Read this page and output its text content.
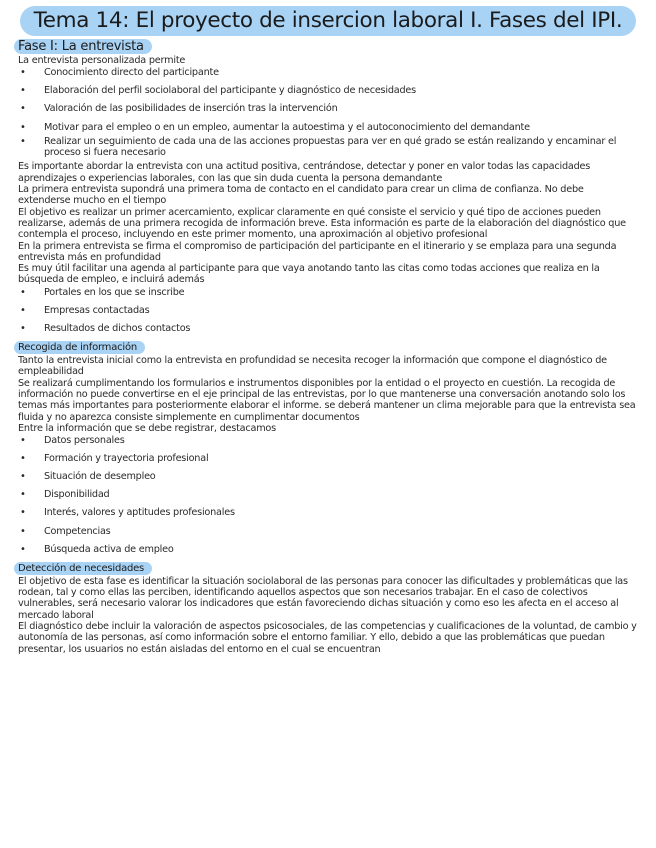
Tema 14: El proyecto de insercion laboral I. Fases del IPI.
Fase I: La entrevista

La entrevista personalizada permite

• Conocimiento directo del participante
• Elaboración del perfil sociolaboral del participante y diagnóstico de necesidades
• Valoración de las posibilidades de inserción tras la intervención
• Motivar para el empleo o en un empleo, aumentar la autoestima y el autoconocimiento del demandante
• Realizar un seguimiento de cada una de las acciones propuestas para ver en qué grado se están realizando y encaminar el proceso si fuera necesario

Es importante abordar la entrevista con una actitud positiva, centrándose, detectar y poner en valor todas las capacidades aprendizajes o experiencias laborales, con las que sin duda cuenta la persona demandante

La primera entrevista supondrá una primera toma de contacto en el candidato para crear un clima de confianza. No debe extenderse mucho en el tiempo

El objetivo es realizar un primer acercamiento, explicar claramente en qué consiste el servicio y qué tipo de acciones pueden realizarse, además de una primera recogida de información breve. Esta información es parte de la elaboración del diagnóstico que contempla el proceso, incluyendo en este primer momento, una aproximación al objetivo profesional

En la primera entrevista se firma el compromiso de participación del participante en el itinerario y se emplaza para una segunda entrevista más en profundidad

Es muy útil facilitar una agenda al participante para que vaya anotando tanto las citas como todas acciones que realiza en la búsqueda de empleo, e incluirá además

• Portales en los que se inscribe
• Empresas contactadas
• Resultados de dichos contactos
Recogida de información

Tanto la entrevista inicial como la entrevista en profundidad se necesita recoger la información que compone el diagnóstico de empleabilidad

Se realizará cumplimentando los formularios e instrumentos disponibles por la entidad o el proyecto en cuestión. La recogida de información no puede convertirse en el eje principal de las entrevistas, por lo que mantenerse una conversación anotando solo los temas más importantes para posteriormente elaborar el informe. se deberá mantener un clima mejorable para que la entrevista sea fluida y no aparezca consiste simplemente en cumplimentar documentos

Entre la información que se debe registrar, destacamos

• Datos personales
• Formación y trayectoria profesional
• Situación de desempleo
• Disponibilidad
• Interés, valores y aptitudes profesionales
• Competencias
• Búsqueda activa de empleo
Detección de necesidades

El objetivo de esta fase es identificar la situación sociolaboral de las personas para conocer las dificultades y problemáticas que las rodean, tal y como ellas las perciben, identificando aquellos aspectos que son necesarios trabajar. En el caso de colectivos vulnerables, será necesario valorar los indicadores que están favoreciendo dichas situación y como eso les afecta en el acceso al mercado laboral

El diagnóstico debe incluir la valoración de aspectos psicosociales, de las competencias y cualificaciones de la voluntad, de cambio y autonomía de las personas, así como información sobre el entorno familiar. Y ello, debido a que las problemáticas que puedan presentar, los usuarios no están aisladas del entorno en el cual se encuentran
